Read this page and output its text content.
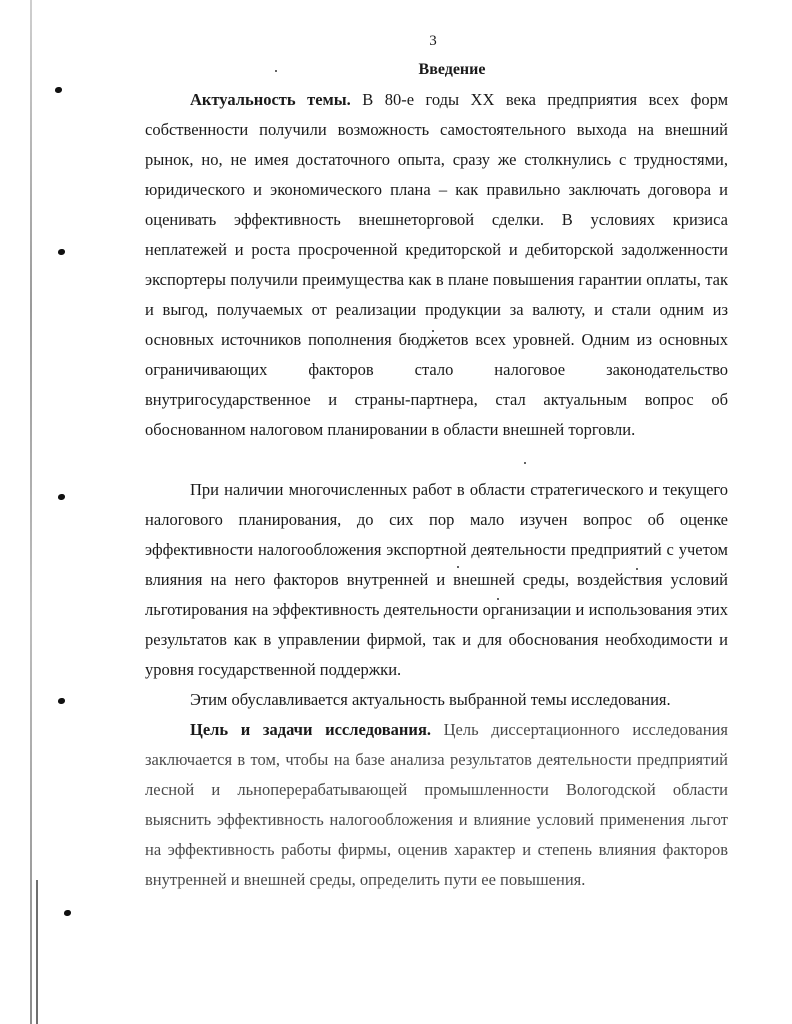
3
Введение

Актуальность темы. В 80-е годы XX века предприятия всех форм собственности получили возможность самостоятельного выхода на внешний рынок, но, не имея достаточного опыта, сразу же столкнулись с трудностями, юридического и экономического плана – как правильно заключать договора и оценивать эффективность внешнеторговой сделки. В условиях кризиса неплатежей и роста просроченной кредиторской и дебиторской задолженности экспортеры получили преимущества как в плане повышения гарантии оплаты, так и выгод, получаемых от реализации продукции за валюту, и стали одним из основных источников пополнения бюджетов всех уровней. Одним из основных ограничивающих факторов стало налоговое законодательство внутригосударственное и страны-партнера, стал актуальным вопрос об обоснованном налоговом планировании в области внешней торговли.

При наличии многочисленных работ в области стратегического и текущего налогового планирования, до сих пор мало изучен вопрос об оценке эффективности налогообложения экспортной деятельности предприятий с учетом влияния на него факторов внутренней и внешней среды, воздействия условий льготирования на эффективность деятельности организации и использования этих результатов как в управлении фирмой, так и для обоснования необходимости и уровня государственной поддержки.

Этим обуславливается актуальность выбранной темы исследования.

Цель и задачи исследования. Цель диссертационного исследования заключается в том, чтобы на базе анализа результатов деятельности предприятий лесной и льноперерабатывающей промышленности Вологодской области выяснить эффективность налогообложения и влияние условий применения льгот на эффективность работы фирмы, оценив характер и степень влияния факторов внутренней и внешней среды, определить пути ее повышения.
